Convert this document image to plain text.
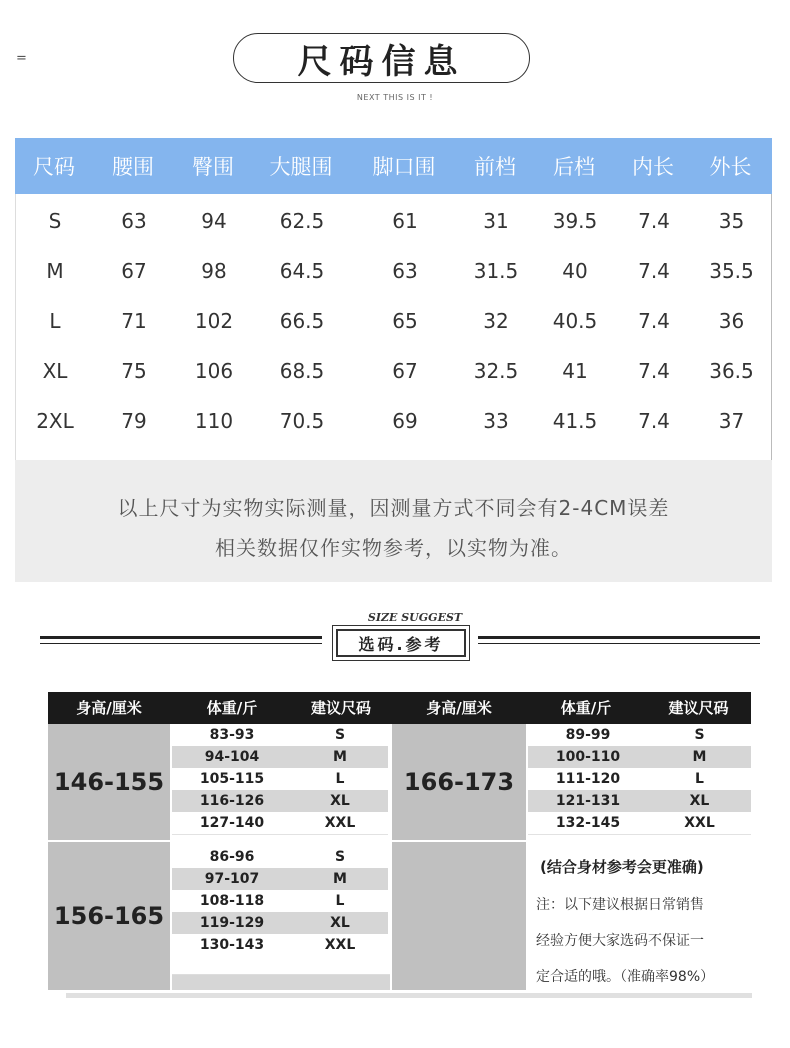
=	尺码信息
NEXT THIS IS IT !
尺码	腰围	臀围	大腿围	脚口围	前档	后档	内长	外长
S	63	94	62.5	61	31	39.5	7.4	35
M	67	98	64.5	63	31.5	40	7.4	35.5
L	71	102	66.5	65	32	40.5	7.4	36
XL	75	106	68.5	67	32.5	41	7.4	36.5
2XL	79	110	70.5	69	33	41.5	7.4	37
以上尺寸为实物实际测量，因测量方式不同会有2-4CM误差
相关数据仅作实物参考，以实物为准。
SIZE SUGGEST
选码.参考
身高/厘米	体重/斤	建议尺码	身高/厘米	体重/斤	建议尺码
146-155
83-93	S
94-104	M
105-115	L
116-126	XL
127-140	XXL
166-173
89-99	S
100-110	M
111-120	L
121-131	XL
132-145	XXL
156-165
86-96	S
97-107	M
108-118	L
119-129	XL
130-143	XXL
(结合身材参考会更准确)
注：以下建议根据日常销售
经验方便大家选码不保证一
定合适的哦。（准确率98%）
